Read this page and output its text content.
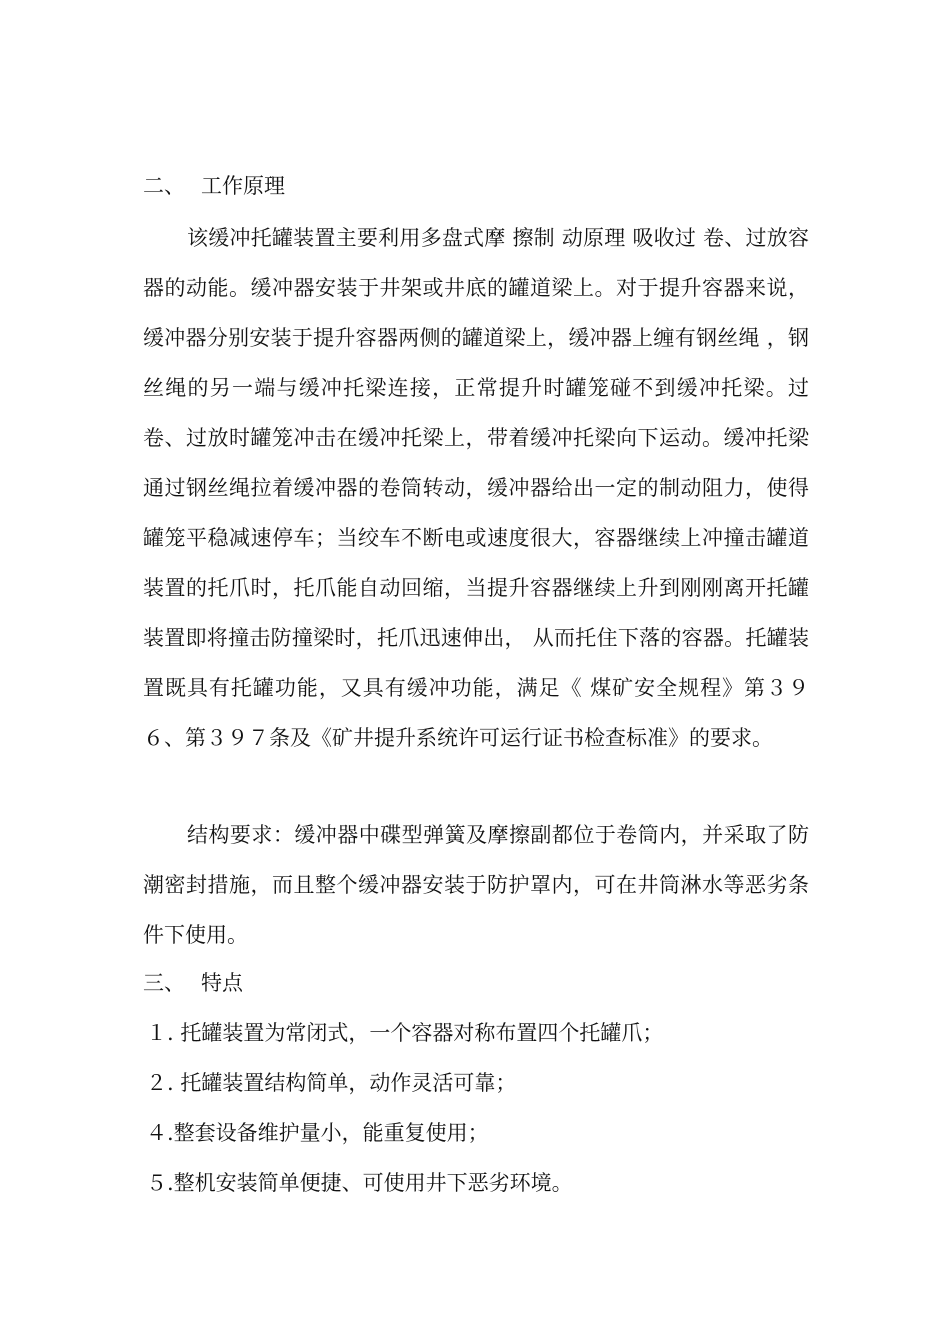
二、 工作原理

该缓冲托罐装置主要利用多盘式摩 擦制 动原理 吸收过 卷、过放容器的动能。缓冲器安装于井架或井底的罐道梁上。对于提升容器来说，缓冲器分别安装于提升容器两侧的罐道梁上，缓冲器上缠有钢丝绳 ，钢丝绳的另一端与缓冲托梁连接，正常提升时罐笼碰不到缓冲托梁。过卷、过放时罐笼冲击在缓冲托梁上，带着缓冲托梁向下运动。缓冲托梁通过钢丝绳拉着缓冲器的卷筒转动，缓冲器给出一定的制动阻力，使得罐笼平稳减速停车；当绞车不断电或速度很大，容器继续上冲撞击罐道装置的托爪时，托爪能自动回缩，当提升容器继续上升到刚刚离开托罐装置即将撞击防撞梁时，托爪迅速伸出， 从而托住下落的容器。托罐装置既具有托罐功能，又具有缓冲功能，满足《 煤矿安全规程》第３９６、第３９７条及《矿井提升系统许可运行证书检查标准》的要求。

结构要求：缓冲器中碟型弹簧及摩擦副都位于卷筒内，并采取了防潮密封措施，而且整个缓冲器安装于防护罩内，可在井筒淋水等恶劣条件下使用。

三、 特点
１. 托罐装置为常闭式，一个容器对称布置四个托罐爪；
２. 托罐装置结构简单，动作灵活可靠；
４.整套设备维护量小，能重复使用；
５.整机安装简单便捷、可使用井下恶劣环境。
